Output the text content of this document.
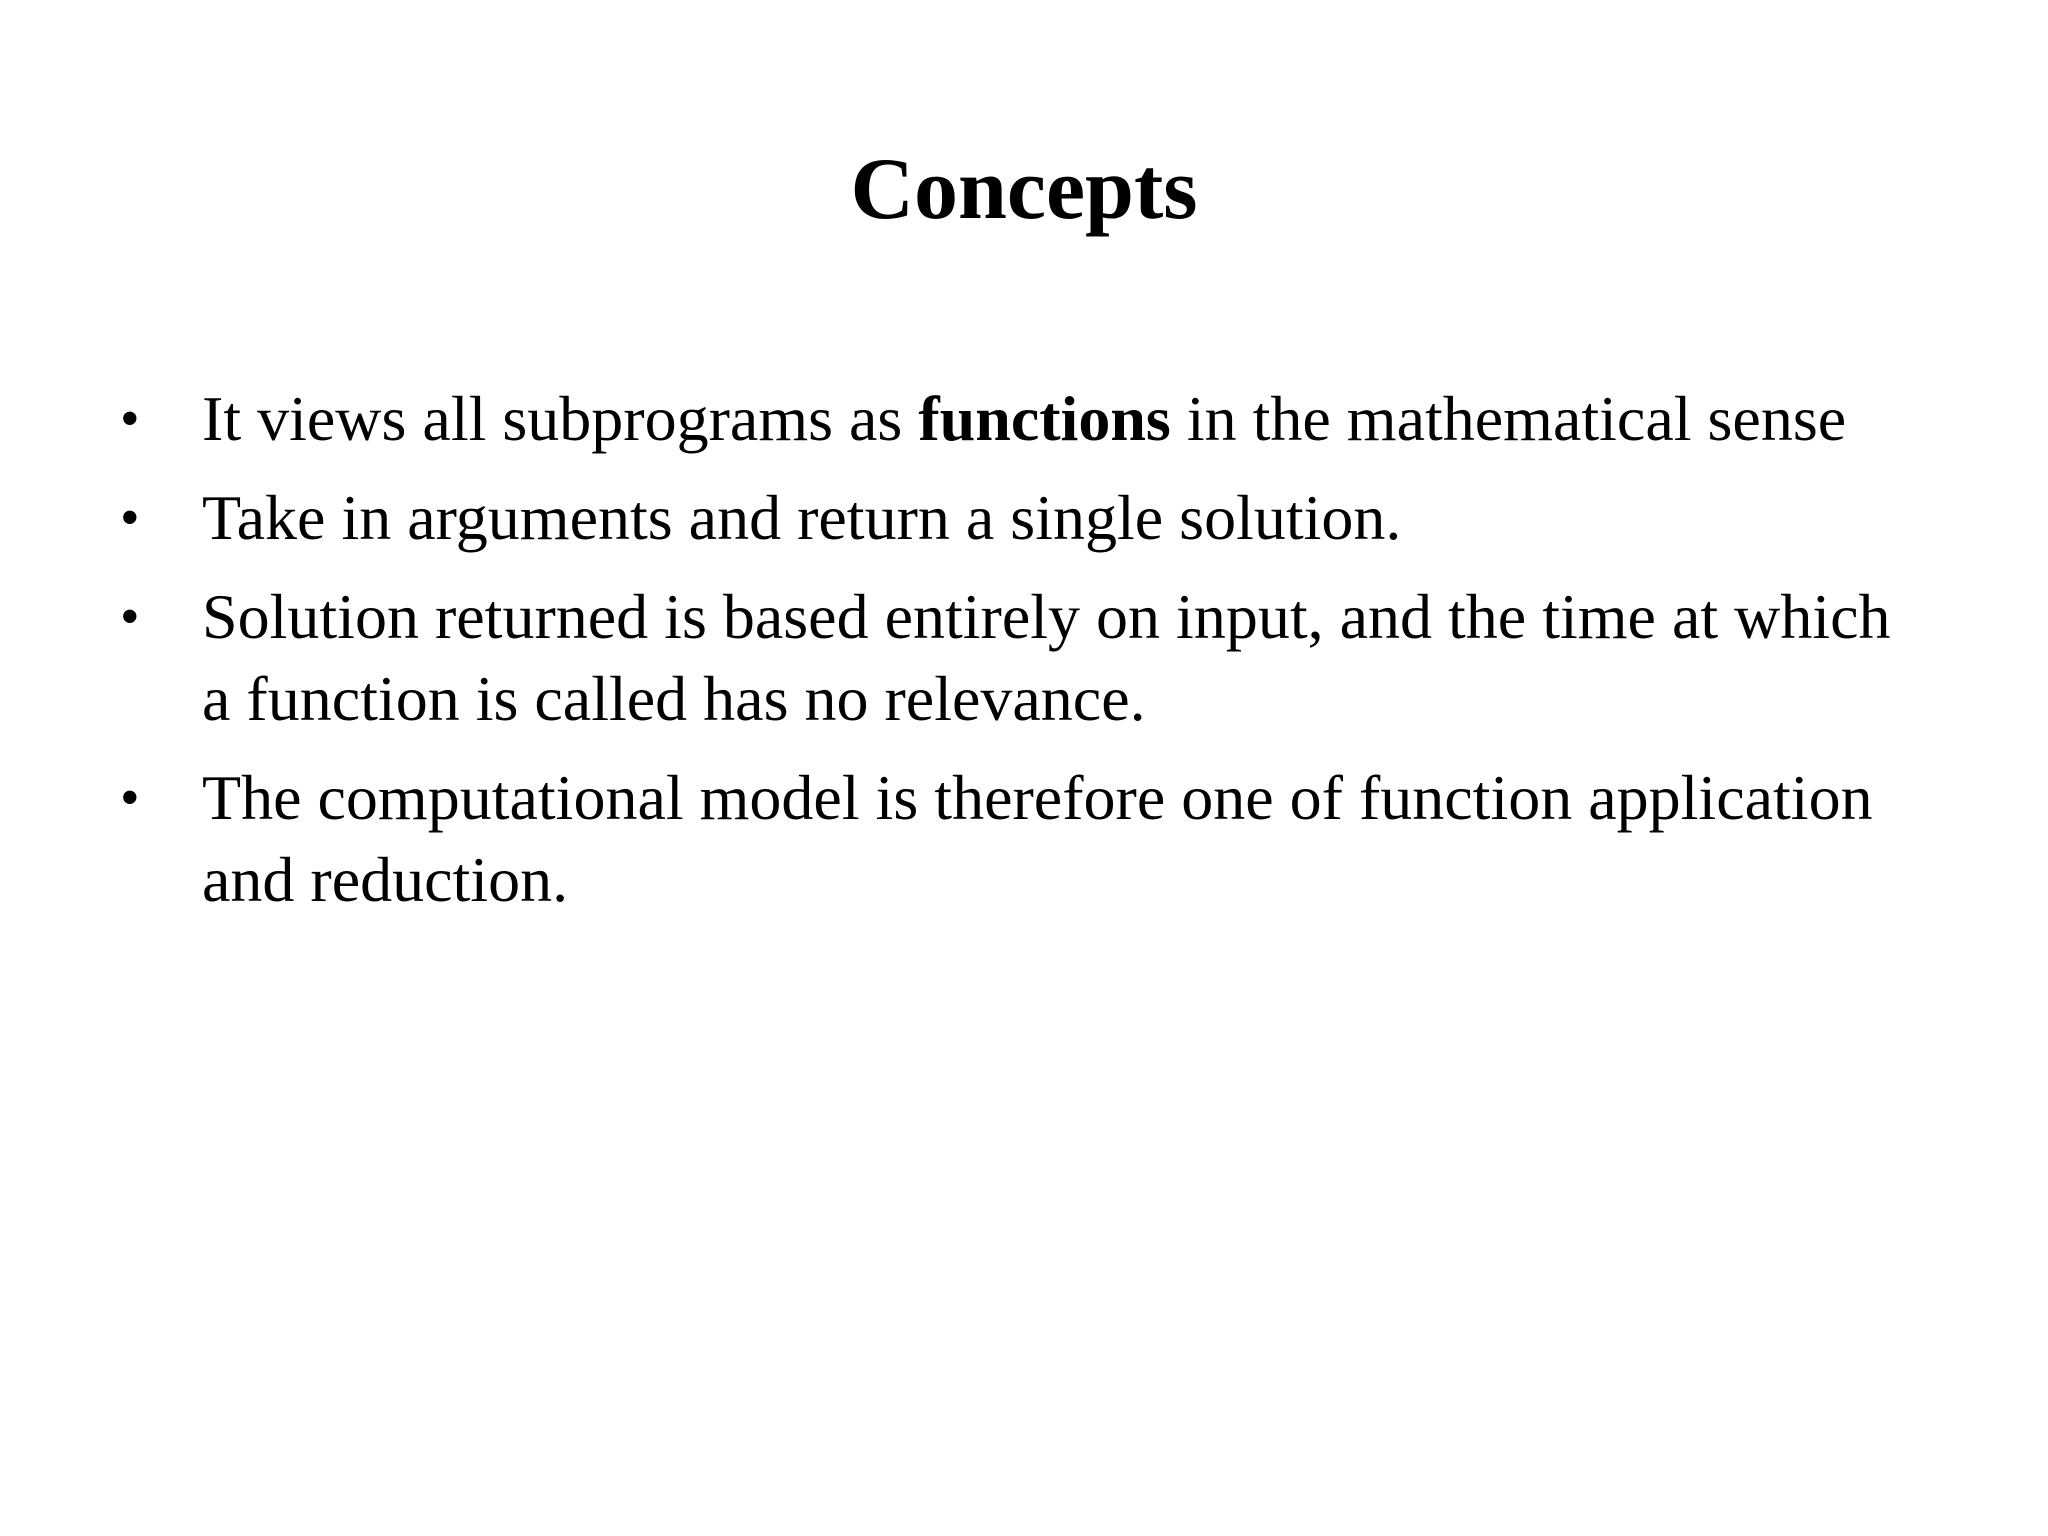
Concepts
• It views all subprograms as functions in the mathematical sense
• Take in arguments and return a single solution.
• Solution returned is based entirely on input, and the time at which a function is called has no relevance.
• The computational model is therefore one of function application and reduction.
